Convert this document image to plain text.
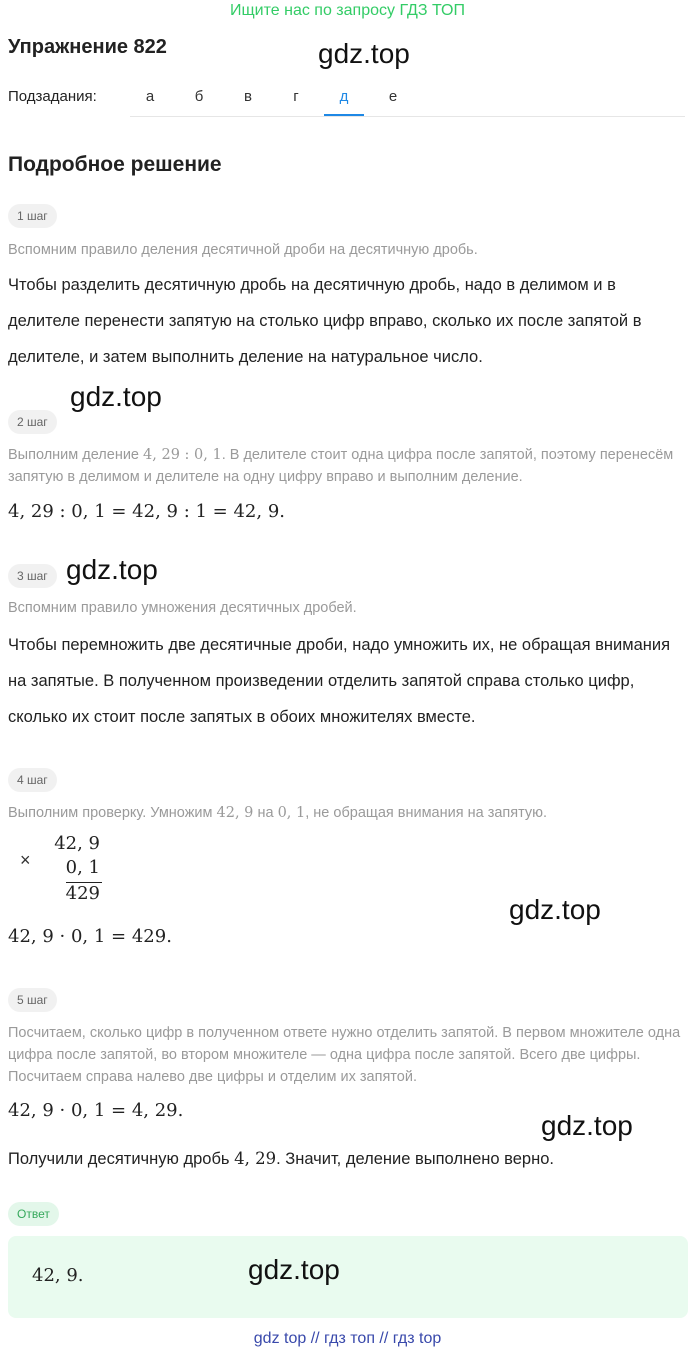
Ищите нас по запросу ГДЗ ТОП
Упражнение 822	gdz.top
Подзадания:	а	б	в	г	д	е
Подробное решение
1 шаг
Вспомним правило деления десятичной дроби на десятичную дробь.
Чтобы разделить десятичную дробь на десятичную дробь, надо в делимом и в делителе перенести запятую на столько цифр вправо, сколько их после запятой в делителе, и затем выполнить деление на натуральное число.
gdz.top
2 шаг
Выполним деление 4, 29 : 0, 1. В делителе стоит одна цифра после запятой, поэтому перенесём запятую в делимом и делителе на одну цифру вправо и выполним деление.
4, 29 : 0, 1 = 42, 9 : 1 = 42, 9.
3 шаг gdz.top
Вспомним правило умножения десятичных дробей.
Чтобы перемножить две десятичные дроби, надо умножить их, не обращая внимания на запятые. В полученном произведении отделить запятой справа столько цифр, сколько их стоит после запятых в обоих множителях вместе.
4 шаг
Выполним проверку. Умножим 42, 9 на 0, 1, не обращая внимания на запятую.
×
42, 9
0, 1
429
gdz.top
42, 9 · 0, 1 = 429.
5 шаг
Посчитаем, сколько цифр в полученном ответе нужно отделить запятой. В первом множителе одна цифра после запятой, во втором множителе — одна цифра после запятой. Всего две цифры. Посчитаем справа налево две цифры и отделим их запятой.
42, 9 · 0, 1 = 4, 29.	gdz.top
Получили десятичную дробь 4, 29. Значит, деление выполнено верно.
Ответ
42, 9.	gdz.top
gdz top // гдз топ // гдз top
